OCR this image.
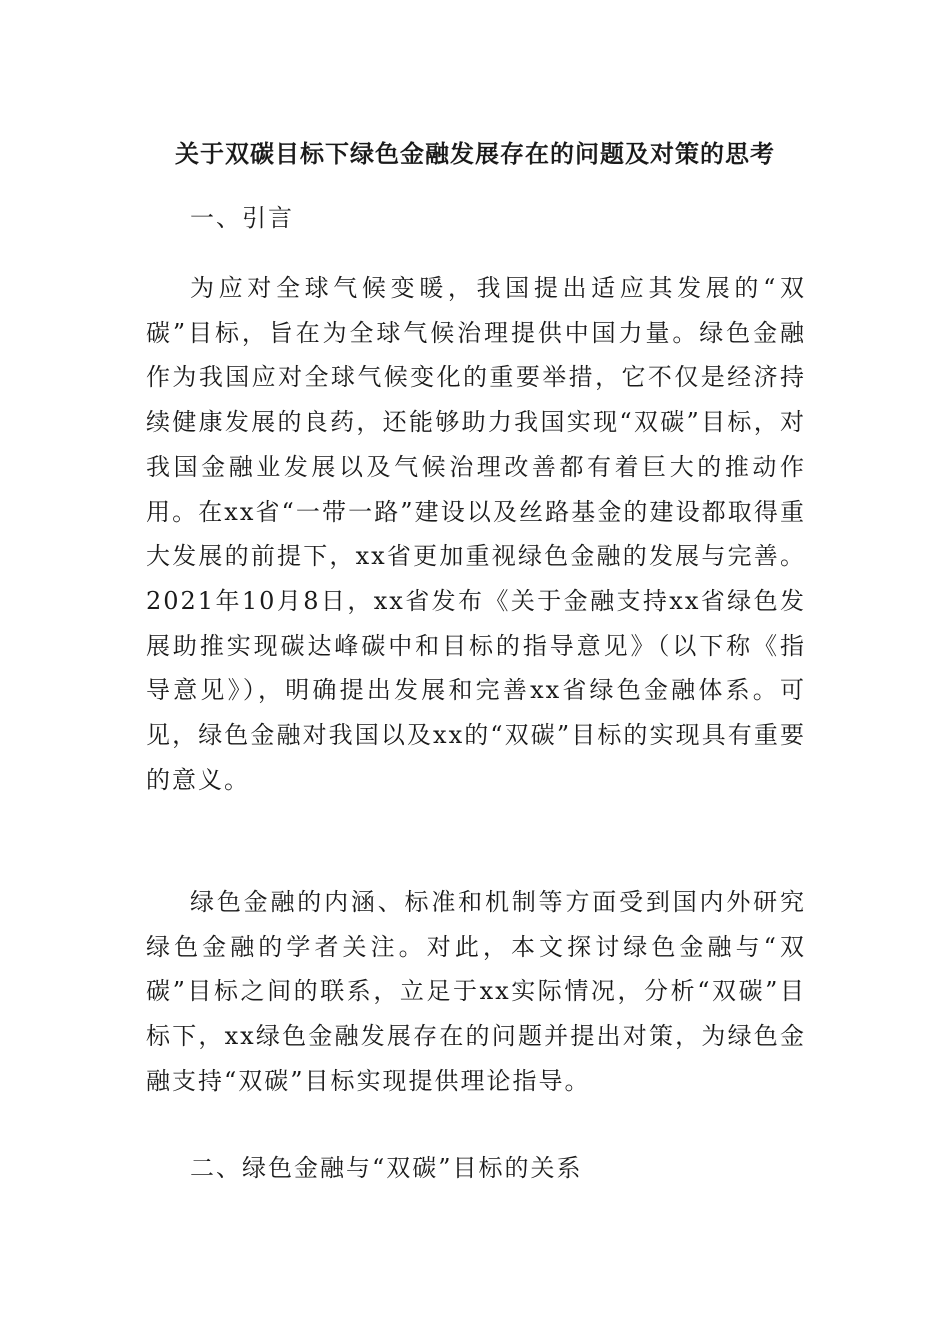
关于双碳目标下绿色金融发展存在的问题及对策的思考

一、引言

为应对全球气候变暖，我国提出适应其发展的“双碳”目标，旨在为全球气候治理提供中国力量。绿色金融作为我国应对全球气候变化的重要举措，它不仅是经济持续健康发展的良药，还能够助力我国实现“双碳”目标，对我国金融业发展以及气候治理改善都有着巨大的推动作用。在xx省“一带一路”建设以及丝路基金的建设都取得重大发展的前提下，xx省更加重视绿色金融的发展与完善。2021年10月8日，xx省发布《关于金融支持xx省绿色发展助推实现碳达峰碳中和目标的指导意见》（以下称《指导意见》），明确提出发展和完善xx省绿色金融体系。可见，绿色金融对我国以及xx的“双碳”目标的实现具有重要的意义。

绿色金融的内涵、标准和机制等方面受到国内外研究绿色金融的学者关注。对此，本文探讨绿色金融与“双碳”目标之间的联系，立足于xx实际情况，分析“双碳”目标下，xx绿色金融发展存在的问题并提出对策，为绿色金融支持“双碳”目标实现提供理论指导。

二、绿色金融与“双碳”目标的关系
